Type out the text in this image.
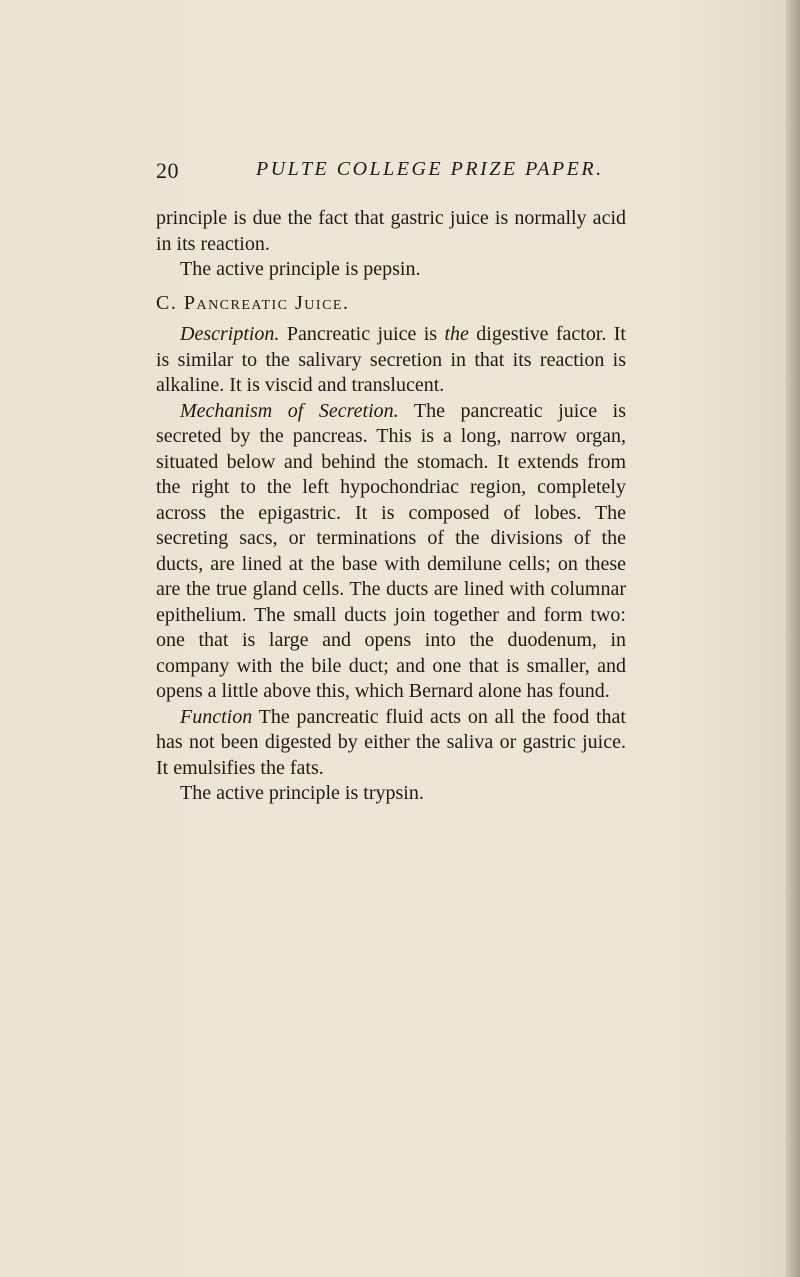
20	PULTE COLLEGE PRIZE PAPER.

principle is due the fact that gastric juice is normally acid in its reaction.

The active principle is pepsin.

C. Pancreatic Juice.

Description. Pancreatic juice is the digestive factor. It is similar to the salivary secretion in that its reaction is alkaline. It is viscid and translucent.

Mechanism of Secretion. The pancreatic juice is secreted by the pancreas. This is a long, narrow organ, situated below and behind the stomach. It extends from the right to the left hypochondriac region, completely across the epigastric. It is composed of lobes. The secreting sacs, or terminations of the divisions of the ducts, are lined at the base with demilune cells; on these are the true gland cells. The ducts are lined with columnar epithelium. The small ducts join together and form two: one that is large and opens into the duodenum, in company with the bile duct; and one that is smaller, and opens a little above this, which Bernard alone has found.

Function The pancreatic fluid acts on all the food that has not been digested by either the saliva or gastric juice. It emulsifies the fats.

The active principle is trypsin.
